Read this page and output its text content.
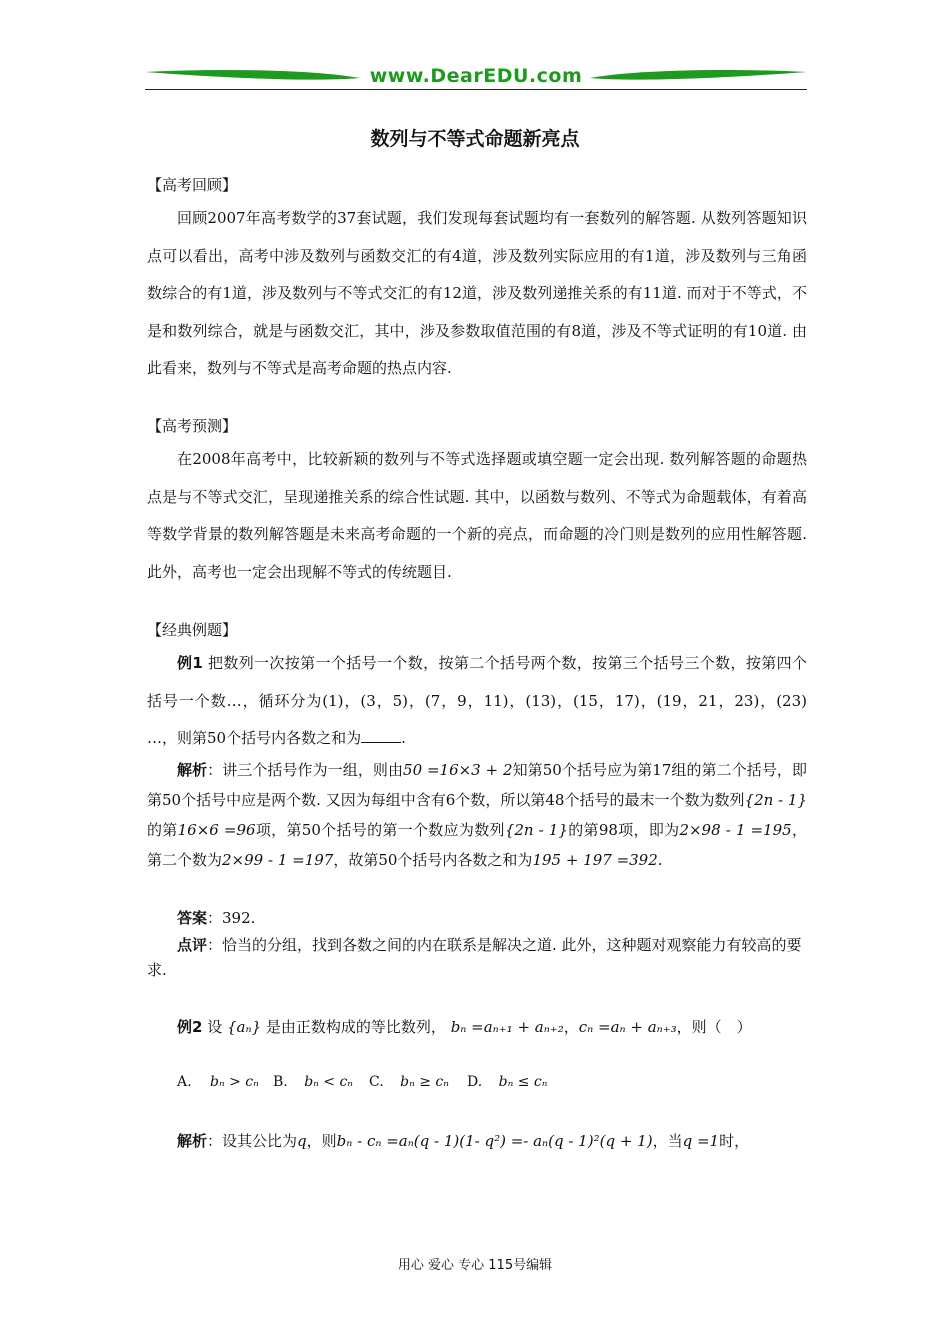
www.DearEDU.com
数列与不等式命题新亮点
【高考回顾】
回顾2007年高考数学的37套试题，我们发现每套试题均有一套数列的解答题. 从数列答题知识点可以看出，高考中涉及数列与函数交汇的有4道，涉及数列实际应用的有1道，涉及数列与三角函数综合的有1道，涉及数列与不等式交汇的有12道，涉及数列递推关系的有11道. 而对于不等式，不是和数列综合，就是与函数交汇，其中，涉及参数取值范围的有8道，涉及不等式证明的有10道. 由此看来，数列与不等式是高考命题的热点内容.
【高考预测】
在2008年高考中，比较新颖的数列与不等式选择题或填空题一定会出现. 数列解答题的命题热点是与不等式交汇，呈现递推关系的综合性试题. 其中，以函数与数列、不等式为命题载体，有着高等数学背景的数列解答题是未来高考命题的一个新的亮点，而命题的冷门则是数列的应用性解答题. 此外，高考也一定会出现解不等式的传统题目.
【经典例题】
例1 把数列一次按第一个括号一个数，按第二个括号两个数，按第三个括号三个数，按第四个括号一个数…，循环分为(1)，(3，5)，(7，9，11)，(13)，(15，17)，(19，21，23)，(23) …，则第50个括号内各数之和为	.
解析：讲三个括号作为一组，则由50 =16×3 + 2知第50个括号应为第17组的第二个括号，即第50个括号中应是两个数. 又因为每组中含有6个数，所以第48个括号的最末一个数为数列{2n - 1}的第16×6 =96项，第50个括号的第一个数应为数列{2n - 1}的第98项，即为2×98 - 1 =195，第二个数为2×99 - 1 =197，故第50个括号内各数之和为195 + 197 =392.
答案：392.
点评：恰当的分组，找到各数之间的内在联系是解决之道. 此外，这种题对观察能力有较高的要求.
例2 设 {aₙ} 是由正数构成的等比数列， bₙ =aₙ₊₁ + aₙ₊₂，cₙ =aₙ + aₙ₊₃，则（　）
A. bₙ > cₙ B. bₙ < cₙ C. bₙ ≥ cₙ D. bₙ ≤ cₙ
解析：设其公比为q，则bₙ - cₙ =aₙ(q - 1)(1- q²) =- aₙ(q - 1)²(q + 1)，当q =1时，
用心 爱心 专心 115号编辑
